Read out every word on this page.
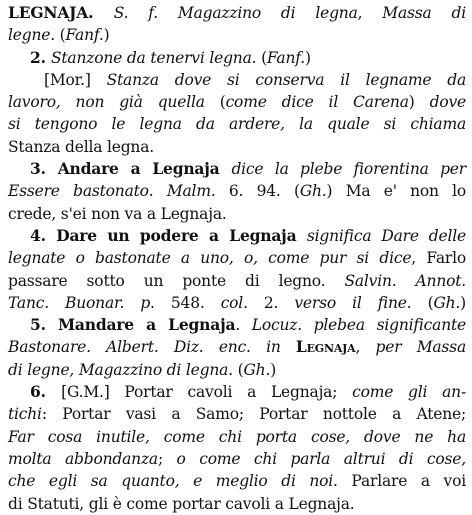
LEGNAJA. S. f. Magazzino di legna, Massa di
legne. (Fanf.)
2. Stanzone da tenervi legna. (Fanf.)
[Mor.] Stanza dove si conserva il legname da
lavoro, non già quella (come dice il Carena) dove
si tengono le legna da ardere, la quale si chiama
Stanza della legna.
3. Andare a Legnaja dice la plebe fiorentina per
Essere bastonato. Malm. 6. 94. (Gh.) Ma e' non lo
crede, s'ei non va a Legnaja.
4. Dare un podere a Legnaja significa Dare delle
legnate o bastonate a uno, o, come pur si dice, Farlo
passare sotto un ponte di legno. Salvin. Annot.
Tanc. Buonar. p. 548. col. 2. verso il fine. (Gh.)
5. Mandare a Legnaja. Locuz. plebea significante
Bastonare. Albert. Diz. enc. in Legnaja, per Massa
di legne, Magazzino di legna. (Gh.)
6. [G.M.] Portar cavoli a Legnaja; come gli an-
tichi: Portar vasi a Samo; Portar nottole a Atene;
Far cosa inutile, come chi porta cose, dove ne ha
molta abbondanza; o come chi parla altrui di cose,
che egli sa quanto, e meglio di noi. Parlare a voi
di Statuti, gli è come portar cavoli a Legnaja.
